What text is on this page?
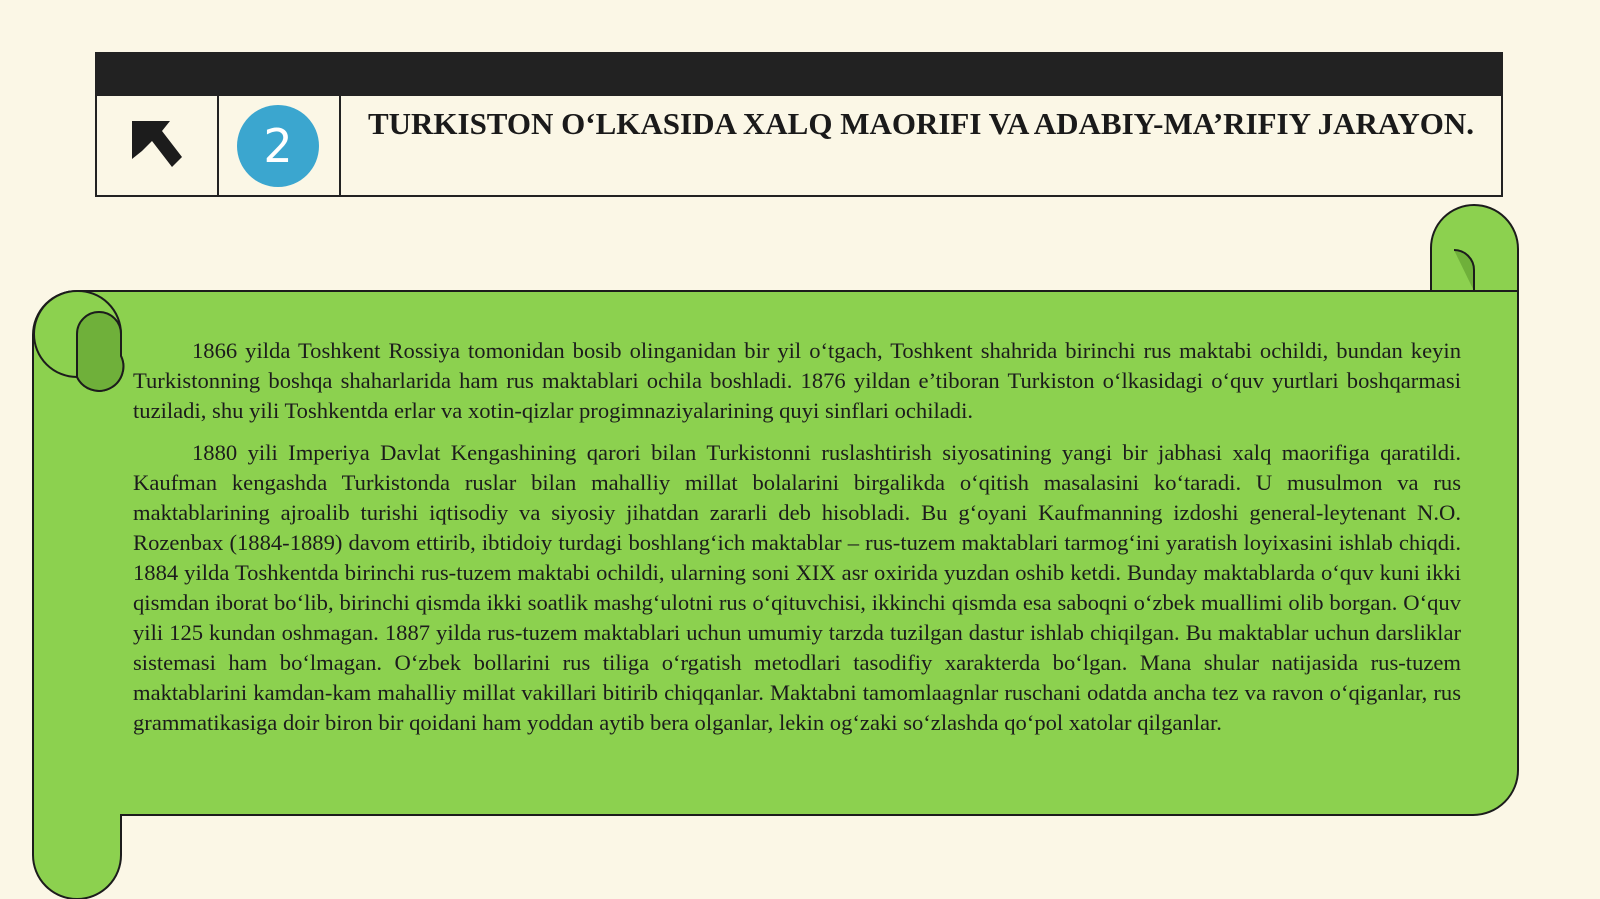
2	TURKISTON O‘LKASIDA XALQ MAORIFI VA ADABIY-MA’RIFIY JARAYON.

1866 yilda Toshkent Rossiya tomonidan bosib olinganidan bir yil o‘tgach, Toshkent shahrida birinchi rus maktabi ochildi, bundan keyin Turkistonning boshqa shaharlarida ham rus maktablari ochila boshladi. 1876 yildan e’tiboran Turkiston o‘lkasidagi o‘quv yurtlari boshqarmasi tuziladi, shu yili Toshkentda erlar va xotin-qizlar progimnaziyalarining quyi sinflari ochiladi.

1880 yili Imperiya Davlat Kengashining qarori bilan Turkistonni ruslashtirish siyosatining yangi bir jabhasi xalq maorifiga qaratildi. Kaufman kengashda Turkistonda ruslar bilan mahalliy millat bolalarini birgalikda o‘qitish masalasini ko‘taradi. U musulmon va rus maktablarining ajroalib turishi iqtisodiy va siyosiy jihatdan zararli deb hisobladi. Bu g‘oyani Kaufmanning izdoshi general-leytenant N.O. Rozenbax (1884-1889) davom ettirib, ibtidoiy turdagi boshlang‘ich maktablar – rus-tuzem maktablari tarmog‘ini yaratish loyixasini ishlab chiqdi. 1884 yilda Toshkentda birinchi rus-tuzem maktabi ochildi, ularning soni XIX asr oxirida yuzdan oshib ketdi. Bunday maktablarda o‘quv kuni ikki qismdan iborat bo‘lib, birinchi qismda ikki soatlik mashg‘ulotni rus o‘qituvchisi, ikkinchi qismda esa saboqni o‘zbek muallimi olib borgan. O‘quv yili 125 kundan oshmagan. 1887 yilda rus-tuzem maktablari uchun umumiy tarzda tuzilgan dastur ishlab chiqilgan. Bu maktablar uchun darsliklar sistemasi ham bo‘lmagan. O‘zbek bollarini rus tiliga o‘rgatish metodlari tasodifiy xarakterda bo‘lgan. Mana shular natijasida rus-tuzem maktablarini kamdan-kam mahalliy millat vakillari bitirib chiqqanlar. Maktabni tamomlaagnlar ruschani odatda ancha tez va ravon o‘qiganlar, rus grammatikasiga doir biron bir qoidani ham yoddan aytib bera olganlar, lekin og‘zaki so‘zlashda qo‘pol xatolar qilganlar.
